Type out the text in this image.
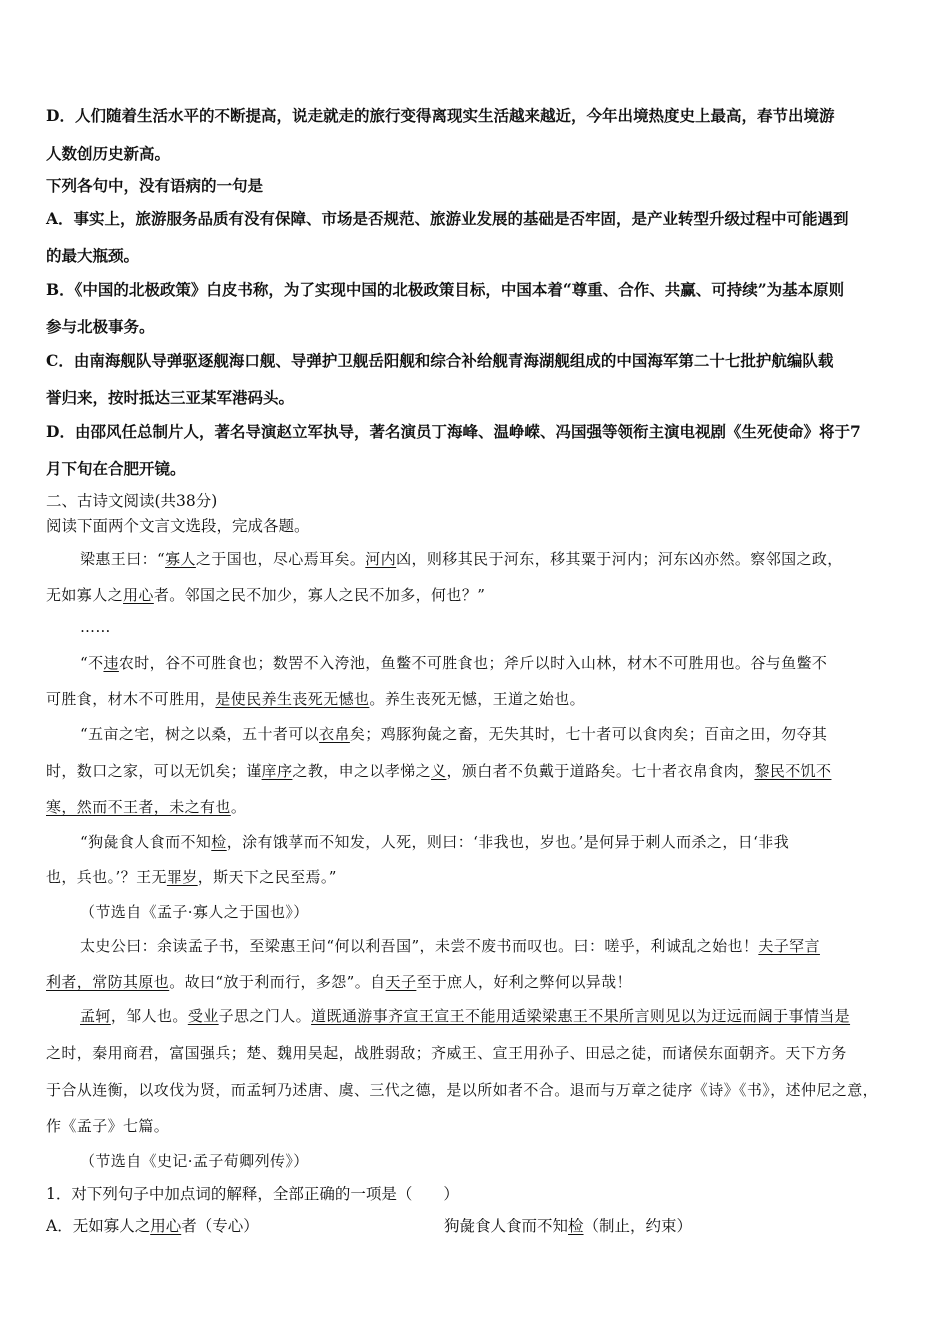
D．人们随着生活水平的不断提高，说走就走的旅行变得离现实生活越来越近，今年出境热度史上最高，春节出境游
人数创历史新高。
下列各句中，没有语病的一句是
A．事实上，旅游服务品质有没有保障、市场是否规范、旅游业发展的基础是否牢固，是产业转型升级过程中可能遇到
的最大瓶颈。
B．《中国的北极政策》白皮书称，为了实现中国的北极政策目标，中国本着“尊重、合作、共赢、可持续”为基本原则
参与北极事务。
C．由南海舰队导弹驱逐舰海口舰、导弹护卫舰岳阳舰和综合补给舰青海湖舰组成的中国海军第二十七批护航编队载
誉归来，按时抵达三亚某军港码头。
D．由邵风任总制片人，著名导演赵立军执导，著名演员丁海峰、温峥嵘、冯国强等领衔主演电视剧《生死使命》将于7
月下旬在合肥开镜。
二、古诗文阅读(共38分)
阅读下面两个文言文选段，完成各题。
梁惠王曰：“寡人之于国也，尽心焉耳矣。河内凶，则移其民于河东，移其粟于河内；河东凶亦然。察邻国之政，
无如寡人之用心者。邻国之民不加少，寡人之民不加多，何也？”
……
“不违农时，谷不可胜食也；数罟不入洿池，鱼鳖不可胜食也；斧斤以时入山林，材木不可胜用也。谷与鱼鳖不
可胜食，材木不可胜用，是使民养生丧死无憾也。养生丧死无憾，王道之始也。
“五亩之宅，树之以桑，五十者可以衣帛矣；鸡豚狗彘之畜，无失其时，七十者可以食肉矣；百亩之田，勿夺其
时，数口之家，可以无饥矣；谨庠序之教，申之以孝悌之义，颁白者不负戴于道路矣。七十者衣帛食肉，黎民不饥不
寒，然而不王者，未之有也。
“狗彘食人食而不知检，涂有饿莩而不知发，人死，则曰：‘非我也，岁也。’是何异于刺人而杀之，日‘非我
也，兵也。’？王无罪岁，斯天下之民至焉。”
（节选自《孟子·寡人之于国也》）
太史公曰：余读孟子书，至梁惠王问“何以利吾国”，未尝不废书而叹也。曰：嗟乎，利诚乱之始也！夫子罕言
利者，常防其原也。故曰“放于利而行，多怨”。自天子至于庶人，好利之弊何以异哉！
孟轲，邹人也。受业子思之门人。道既通游事齐宣王宣王不能用适梁梁惠王不果所言则见以为迂远而阔于事情当是
之时，秦用商君，富国强兵；楚、魏用吴起，战胜弱敌；齐威王、宣王用孙子、田忌之徒，而诸侯东面朝齐。天下方务
于合从连衡，以攻伐为贤，而孟轲乃述唐、虞、三代之德，是以所如者不合。退而与万章之徒序《诗》《书》，述仲尼之意，
作《孟子》七篇。
（节选自《史记·孟子荀卿列传》）
1．对下列句子中加点词的解释，全部正确的一项是（　　）
A．无如寡人之用心者（专心）	狗彘食人食而不知检（制止，约束）
